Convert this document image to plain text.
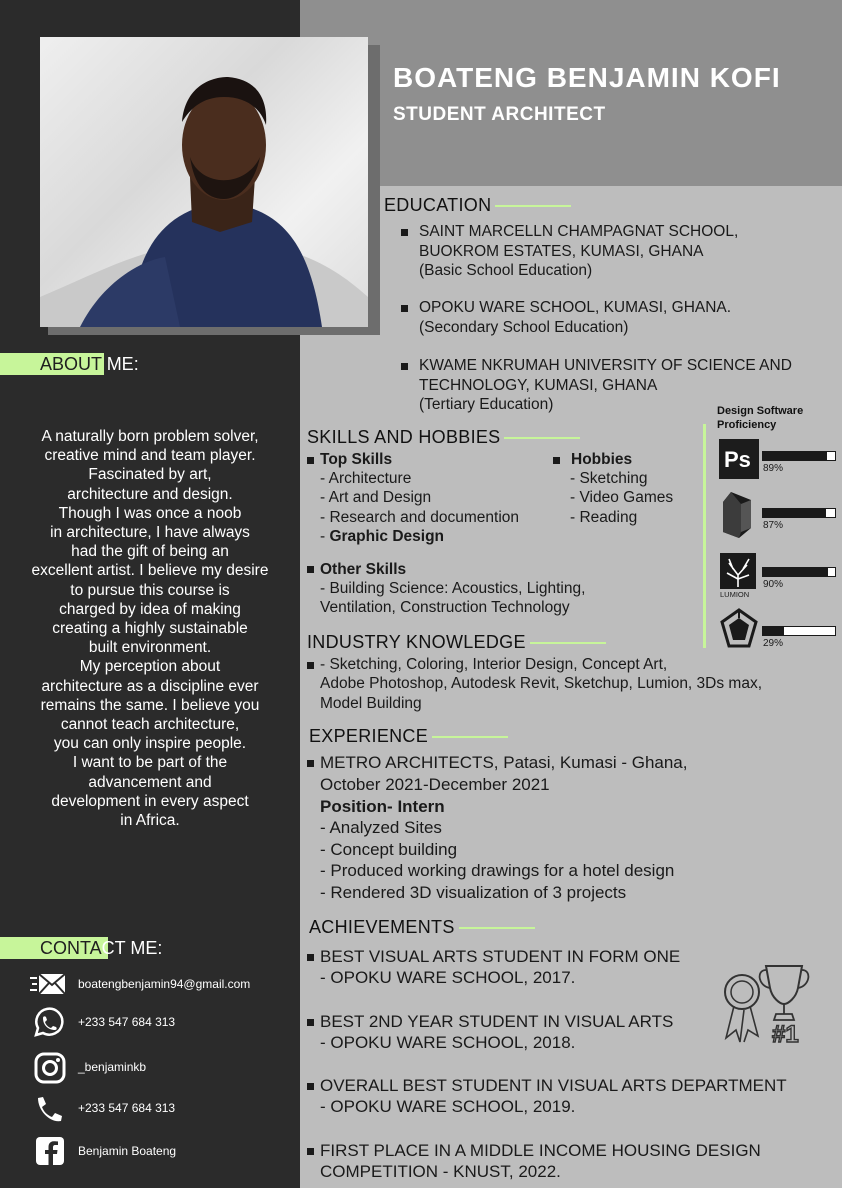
BOATENG BENJAMIN KOFI
STUDENT ARCHITECT
ABOUT ME:
A naturally born problem solver,
creative mind and team player.
Fascinated by art,
architecture and design.
Though I was once a noob
in architecture, I have always
had the gift of being an
excellent artist. I believe my desire
to pursue this course is
charged by idea of making
creating a highly sustainable
built environment.
My perception about
architecture as a discipline ever
remains the same. I believe you
cannot teach architecture,
you can only inspire people.
I want to be part of the
advancement and
development in every aspect
in Africa.
CONTACT ME:
boatengbenjamin94@gmail.com
+233 547 684 313
_benjaminkb
+233 547 684 313
Benjamin Boateng
EDUCATION
SAINT MARCELLN CHAMPAGNAT SCHOOL,
BUOKROM ESTATES, KUMASI, GHANA
(Basic School Education)
OPOKU WARE SCHOOL, KUMASI, GHANA.
(Secondary School Education)
KWAME NKRUMAH UNIVERSITY OF SCIENCE AND
TECHNOLOGY, KUMASI, GHANA
(Tertiary Education)
SKILLS AND HOBBIES
Top Skills
- Architecture
- Art and Design
- Research and documention
- Graphic Design
Hobbies
- Sketching
- Video Games
- Reading
Other Skills
- Building Science: Acoustics, Lighting,
Ventilation, Construction Technology
Design Software
Proficiency
Ps
LUMION
89%
87%
90%
29%
INDUSTRY KNOWLEDGE
- Sketching, Coloring, Interior Design, Concept Art,
Adobe Photoshop, Autodesk Revit, Sketchup, Lumion, 3Ds max,
Model Building
EXPERIENCE
METRO ARCHITECTS, Patasi, Kumasi - Ghana,
October 2021-December 2021
Position- Intern
- Analyzed Sites
- Concept building
- Produced working drawings for a hotel design
- Rendered 3D visualization of 3 projects
ACHIEVEMENTS
BEST VISUAL ARTS STUDENT IN FORM ONE
- OPOKU WARE SCHOOL, 2017.
BEST 2ND YEAR STUDENT IN VISUAL ARTS
- OPOKU WARE SCHOOL, 2018.
OVERALL BEST STUDENT IN VISUAL ARTS DEPARTMENT
- OPOKU WARE SCHOOL, 2019.
FIRST PLACE IN A MIDDLE INCOME HOUSING DESIGN
COMPETITION - KNUST, 2022.
#1
